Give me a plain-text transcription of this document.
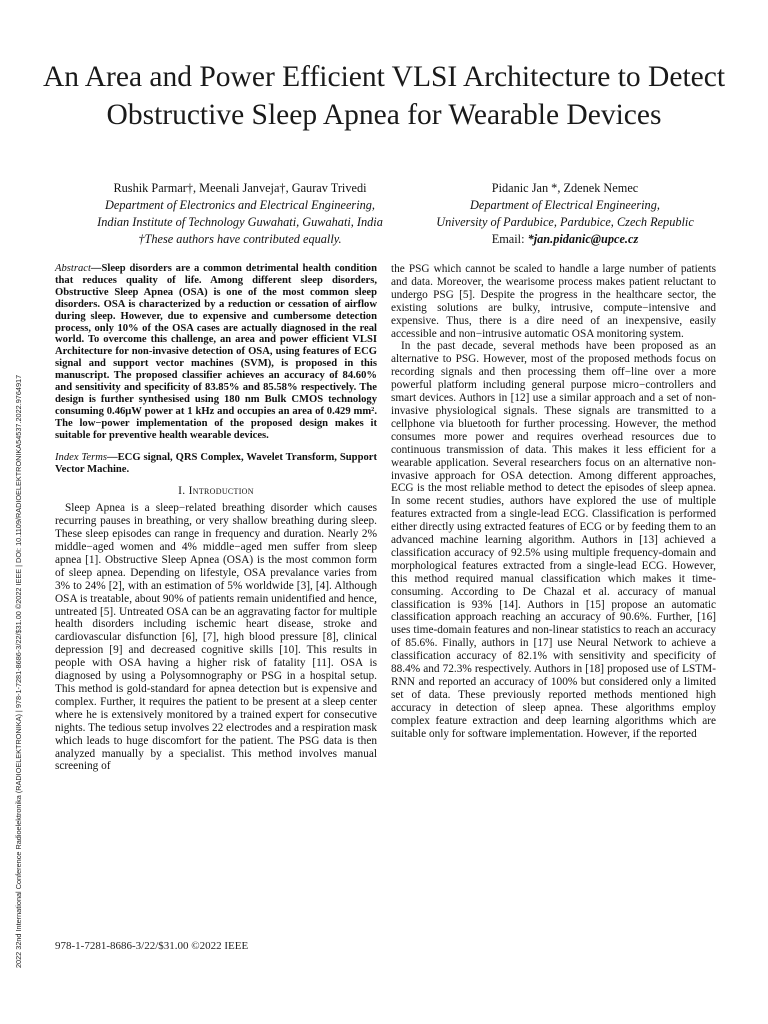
An Area and Power Efficient VLSI Architecture to Detect Obstructive Sleep Apnea for Wearable Devices
Rushik Parmar†, Meenali Janveja†, Gaurav Trivedi
Department of Electronics and Electrical Engineering,
Indian Institute of Technology Guwahati, Guwahati, India
†These authors have contributed equally.
Pidanic Jan *, Zdenek Nemec
Department of Electrical Engineering,
University of Pardubice, Pardubice, Czech Republic
Email: *jan.pidanic@upce.cz
2022 32nd International Conference Radioelektronika (RADIOELEKTRONIKA) | 978-1-7281-8686-3/22/$31.00 ©2022 IEEE | DOI: 10.1109/RADIOELEKTRONIKA54537.2022.9764917
Abstract—Sleep disorders are a common detrimental health condition that reduces quality of life. Among different sleep disorders, Obstructive Sleep Apnea (OSA) is one of the most common sleep disorders. OSA is characterized by a reduction or cessation of airflow during sleep. However, due to expensive and cumbersome detection process, only 10% of the OSA cases are actually diagnosed in the real world. To overcome this challenge, an area and power efficient VLSI Architecture for non-invasive detection of OSA, using features of ECG signal and support vector machines (SVM), is proposed in this manuscript. The proposed classifier achieves an accuracy of 84.60% and sensitivity and specificity of 83.85% and 85.58% respectively. The design is further synthesised using 180 nm Bulk CMOS technology consuming 0.46μW power at 1 kHz and occupies an area of 0.429 mm². The low−power implementation of the proposed design makes it suitable for preventive health wearable devices.
Index Terms—ECG signal, QRS Complex, Wavelet Transform, Support Vector Machine.
I. Introduction

Sleep Apnea is a sleep−related breathing disorder which causes recurring pauses in breathing, or very shallow breathing during sleep. These sleep episodes can range in frequency and duration. Nearly 2% middle−aged women and 4% middle−aged men suffer from sleep apnea [1]. Obstructive Sleep Apnea (OSA) is the most common form of sleep apnea. Depending on lifestyle, OSA prevalance varies from 3% to 24% [2], with an estimation of 5% worldwide [3], [4]. Although OSA is treatable, about 90% of patients remain unidentified and hence, untreated [5]. Untreated OSA can be an aggravating factor for multiple health disorders including ischemic heart disease, stroke and cardiovascular disfunction [6], [7], high blood pressure [8], clinical depression [9] and decreased cognitive skills [10]. This results in people with OSA having a higher risk of fatality [11]. OSA is diagnosed by using a Polysomnography or PSG in a hospital setup. This method is gold-standard for apnea detection but is expensive and complex. Further, it requires the patient to be present at a sleep center where he is extensively monitored by a trained expert for consecutive nights. The tedious setup involves 22 electrodes and a respiration mask which leads to huge discomfort for the patient. The PSG data is then analyzed manually by a specialist. This method involves manual screening of

the PSG which cannot be scaled to handle a large number of patients and data. Moreover, the wearisome process makes patient reluctant to undergo PSG [5]. Despite the progress in the healthcare sector, the existing solutions are bulky, intrusive, compute−intensive and expensive. Thus, there is a dire need of an inexpensive, easily accessible and non−intrusive automatic OSA monitoring system.

In the past decade, several methods have been proposed as an alternative to PSG. However, most of the proposed methods focus on recording signals and then processing them off−line over a more powerful platform including general purpose micro−controllers and smart devices. Authors in [12] use a similar approach and a set of non-invasive physiological signals. These signals are transmitted to a cellphone via bluetooth for further processing. However, the method consumes more power and requires overhead resources due to continuous transmission of data. This makes it less efficient for a wearable application. Several researchers focus on an alternative non-invasive approach for OSA detection. Among different approaches, ECG is the most reliable method to detect the episodes of sleep apnea. In some recent studies, authors have explored the use of multiple features extracted from a single-lead ECG. Classification is performed either directly using extracted features of ECG or by feeding them to an advanced machine learning algorithm. Authors in [13] achieved a classification accuracy of 92.5% using multiple frequency-domain and morphological features extracted from a single-lead ECG. However, this method required manual classification which makes it time-consuming. According to De Chazal et al. accuracy of manual classification is 93% [14]. Authors in [15] propose an automatic classification approach reaching an accuracy of 90.6%. Further, [16] uses time-domain features and non-linear statistics to reach an accuracy of 85.6%. Finally, authors in [17] use Neural Network to achieve a classification accuracy of 82.1% with sensitivity and specificity of 88.4% and 72.3% respectively. Authors in [18] proposed use of LSTM-RNN and reported an accuracy of 100% but considered only a limited set of data. These previously reported methods mentioned high accuracy in detection of sleep apnea. These algorithms employ complex feature extraction and deep learning algorithms which are suitable only for software implementation. However, if the reported

978-1-7281-8686-3/22/$31.00 ©2022 IEEE
